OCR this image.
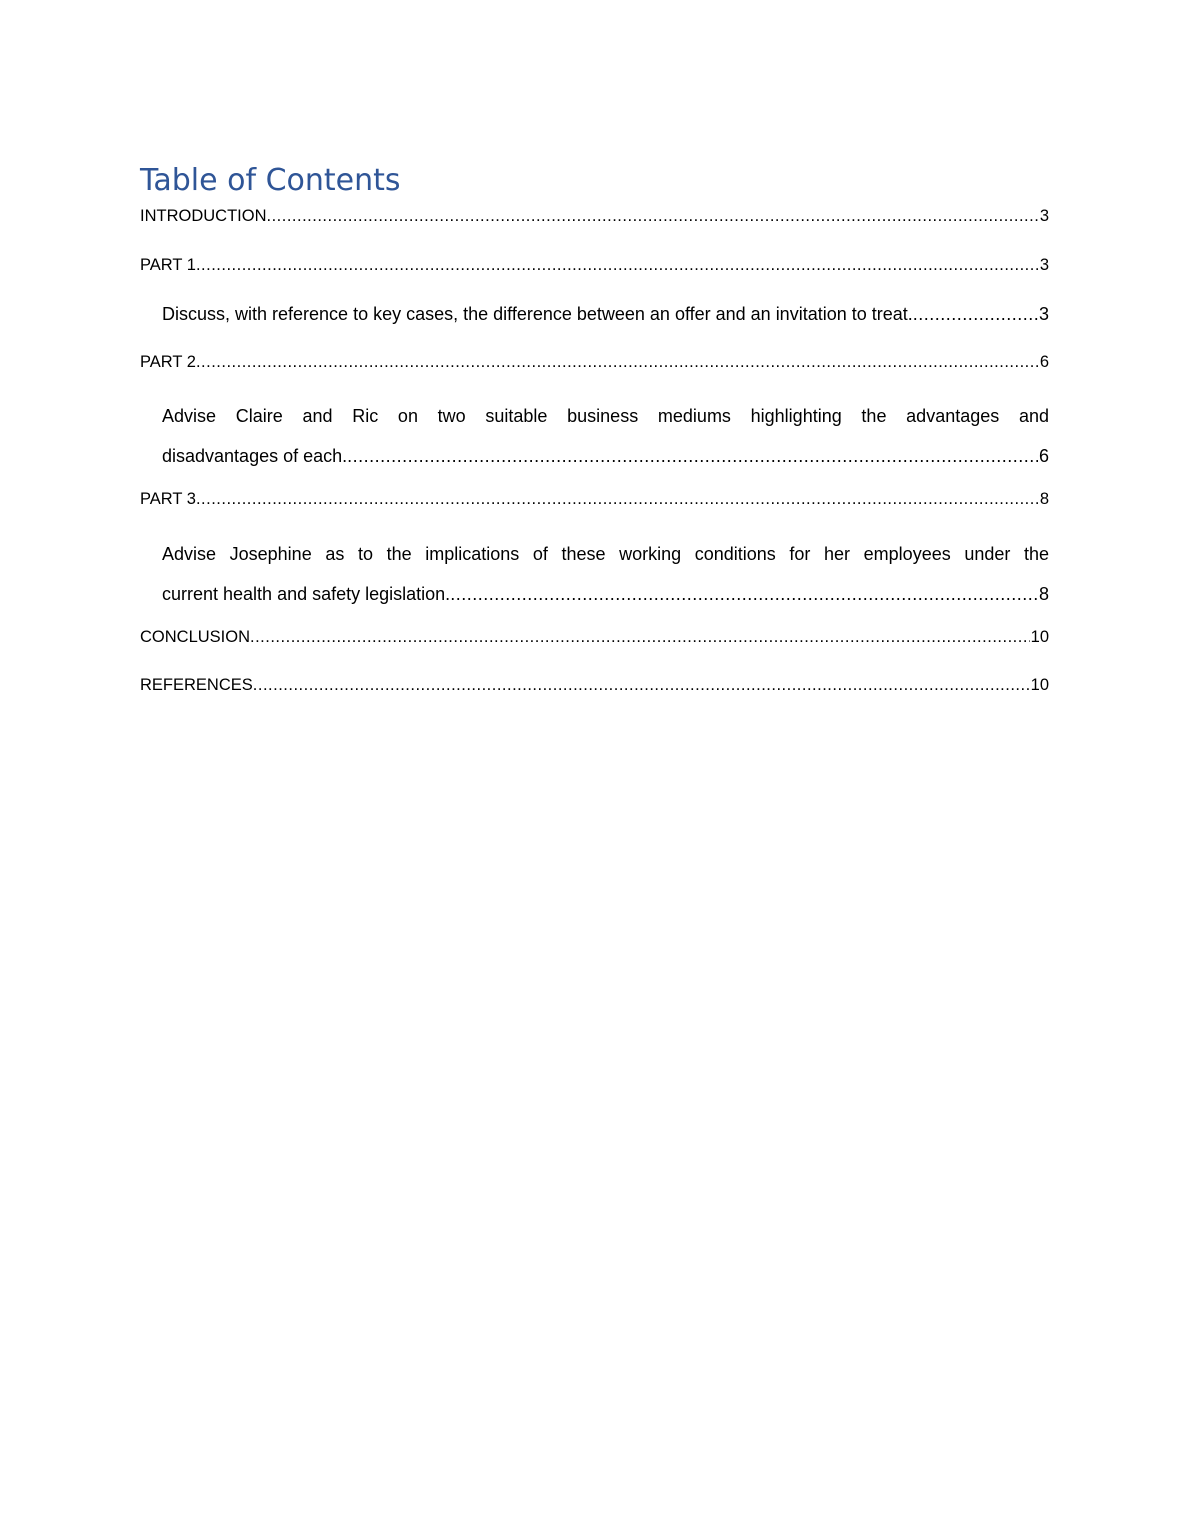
Table of Contents
INTRODUCTION .....	3
PART 1 .....	3
Discuss, with reference to key cases, the difference between an offer and an invitation to treat. .....	3
PART 2 .....	6
Advise Claire and Ric on two suitable business mediums highlighting the advantages and
disadvantages of each. .....	6
PART 3 .....	8
Advise Josephine as to the implications of these working conditions for her employees under the
current health and safety legislation. .....	8
CONCLUSION .....	10
REFERENCES .....	10
